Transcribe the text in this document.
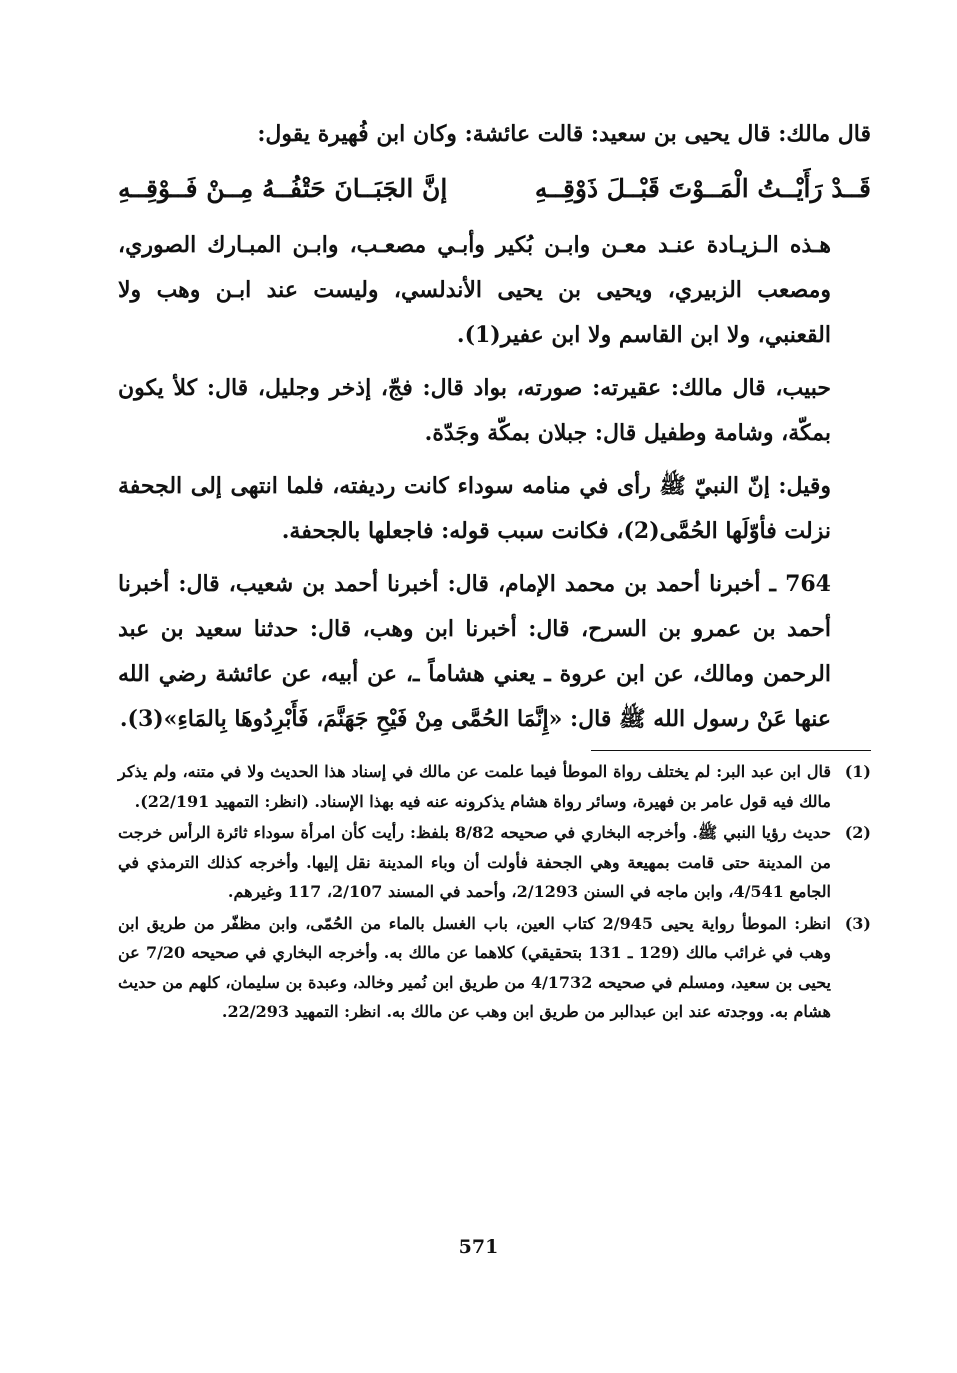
قال مالك: قال يحيى بن سعيد: قالت عائشة: وكان ابن فُهيرة يقول:

قَــدْ رَأَيْــتُ الْمَــوْتَ قَبْــلَ ذَوْقِــهِ
إنَّ الجَبَــانَ حَتْفُــهُ مِــنْ فَــوْقِــهِ

هـذه الـزيـادة عنـد معـن وابـن بُكير وأبـي مصعـب، وابـن المبـارك الصوري، ومصعب الزبيري، ويحيى بن يحيى الأندلسي، وليست عند ابـن وهب ولا القعنبي، ولا ابن القاسم ولا ابن عفير(1).

حبيب، قال مالك: عقيرته: صورته، بواد قال: فجّ، إذخر وجليل، قال: كلأ يكون بمكّة، وشامة وطفيل قال: جبلان بمكّة وجَدّة.

وقيل: إنّ النبيّ ﷺ رأى في منامه سوداء كانت رديفته، فلما انتهى إلى الجحفة نزلت فأوّلَها الحُمَّى(2)، فكانت سبب قوله: فاجعلها بالجحفة.

764 ـ أخبرنا أحمد بن محمد الإمام، قال: أخبرنا أحمد بن شعيب، قال: أخبرنا أحمد بن عمرو بن السرح، قال: أخبرنا ابن وهب، قال: حدثنا سعيد بن عبد الرحمن ومالك، عن ابن عروة ـ يعني هشاماً ـ، عن أبيه، عن عائشة رضي الله عنها عَنْ رسول الله ﷺ قال: «إِنَّمَا الحُمَّى مِنْ فَيْحِ جَهَنَّمَ، فَأَبْرِدُوهَا بِالمَاءِ»(3).

(1)
قال ابن عبد البر: لم يختلف رواة الموطأ فيما علمت عن مالك في إسناد هذا الحديث ولا في متنه، ولم يذكر مالك فيه قول عامر بن فهيرة، وسائر رواة هشام يذكرونه عنه فيه بهذا الإسناد. (انظر: التمهيد 22/191).
(2)
حديث رؤيا النبي ﷺ. وأخرجه البخاري في صحيحه 8/82 بلفظ: رأيت كأن امرأة سوداء ثائرة الرأس خرجت من المدينة حتى قامت بمهيعة وهي الجحفة فأولت أن وباء المدينة نقل إليها. وأخرجه كذلك الترمذي في الجامع 4/541، وابن ماجه في السنن 2/1293، وأحمد في المسند 2/107، 117 وغيرهم.
(3)
انظر: الموطأ رواية يحيى 2/945 كتاب العين، باب الغسل بالماء من الحُمّى، وابن مظفّر من طريق ابن وهب في غرائب مالك (129 ـ 131 بتحقيقي) كلاهما عن مالك به. وأخرجه البخاري في صحيحه 7/20 عن يحيى بن سعيد، ومسلم في صحيحه 4/1732 من طريق ابن نُمير وخالد، وعبدة بن سليمان، كلهم من حديث هشام به. ووجدته عند ابن عبدالبر من طريق ابن وهب عن مالك به. انظر: التمهيد 22/293.
571
